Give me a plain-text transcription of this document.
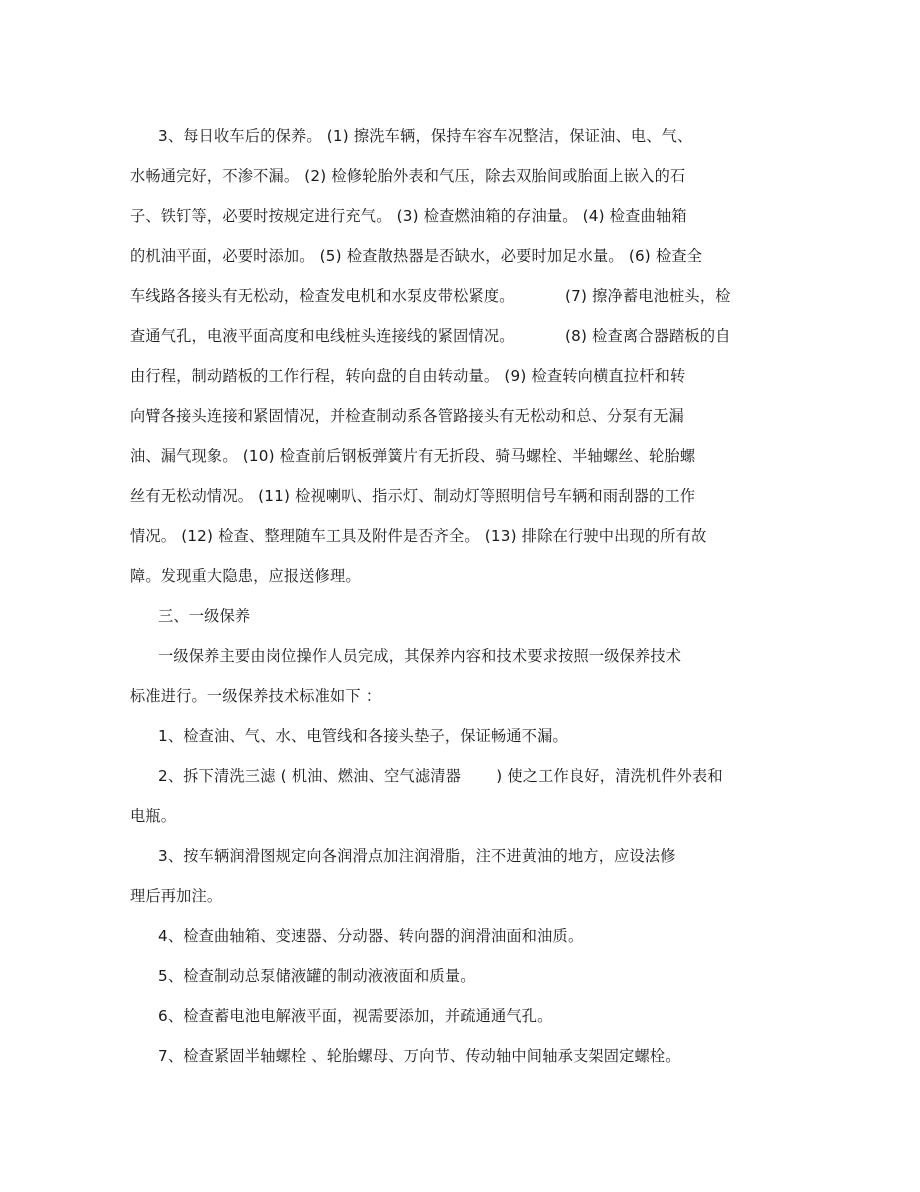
3、每日收车后的保养。 (1) 擦洗车辆，保持车容车况整洁，保证油、电、气、
水畅通完好，不渗不漏。 (2) 检修轮胎外表和气压，除去双胎间或胎面上嵌入的石
子、铁钉等，必要时按规定进行充气。 (3) 检查燃油箱的存油量。 (4) 检查曲轴箱
的机油平面，必要时添加。 (5) 检查散热器是否缺水，必要时加足水量。 (6) 检查全
车线路各接头有无松动，检查发电机和水泵皮带松紧度。          (7) 擦净蓄电池桩头，检
查通气孔，电液平面高度和电线桩头连接线的紧固情况。          (8) 检查离合器踏板的自
由行程，制动踏板的工作行程，转向盘的自由转动量。 (9) 检查转向横直拉杆和转
向臂各接头连接和紧固情况，并检查制动系各管路接头有无松动和总、分泵有无漏
油、漏气现象。 (10) 检查前后钢板弹簧片有无折段、骑马螺栓、半轴螺丝、轮胎螺
丝有无松动情况。 (11) 检视喇叭、指示灯、制动灯等照明信号车辆和雨刮器的工作
情况。 (12) 检查、整理随车工具及附件是否齐全。 (13) 排除在行驶中出现的所有故
障。发现重大隐患，应报送修理。
三、一级保养
一级保养主要由岗位操作人员完成，其保养内容和技术要求按照一级保养技术
标准进行。一级保养技术标准如下 ：
1、检查油、气、水、电管线和各接头垫子，保证畅通不漏。
2、拆下清洗三滤 ( 机油、燃油、空气滤清器       ) 使之工作良好，清洗机件外表和
电瓶。
3、按车辆润滑图规定向各润滑点加注润滑脂，注不进黄油的地方，应设法修
理后再加注。
4、检查曲轴箱、变速器、分动器、转向器的润滑油面和油质。
5、检查制动总泵储液罐的制动液液面和质量。
6、检查蓄电池电解液平面，视需要添加，并疏通通气孔。
7、检查紧固半轴螺栓 、轮胎螺母、万向节、传动轴中间轴承支架固定螺栓。
